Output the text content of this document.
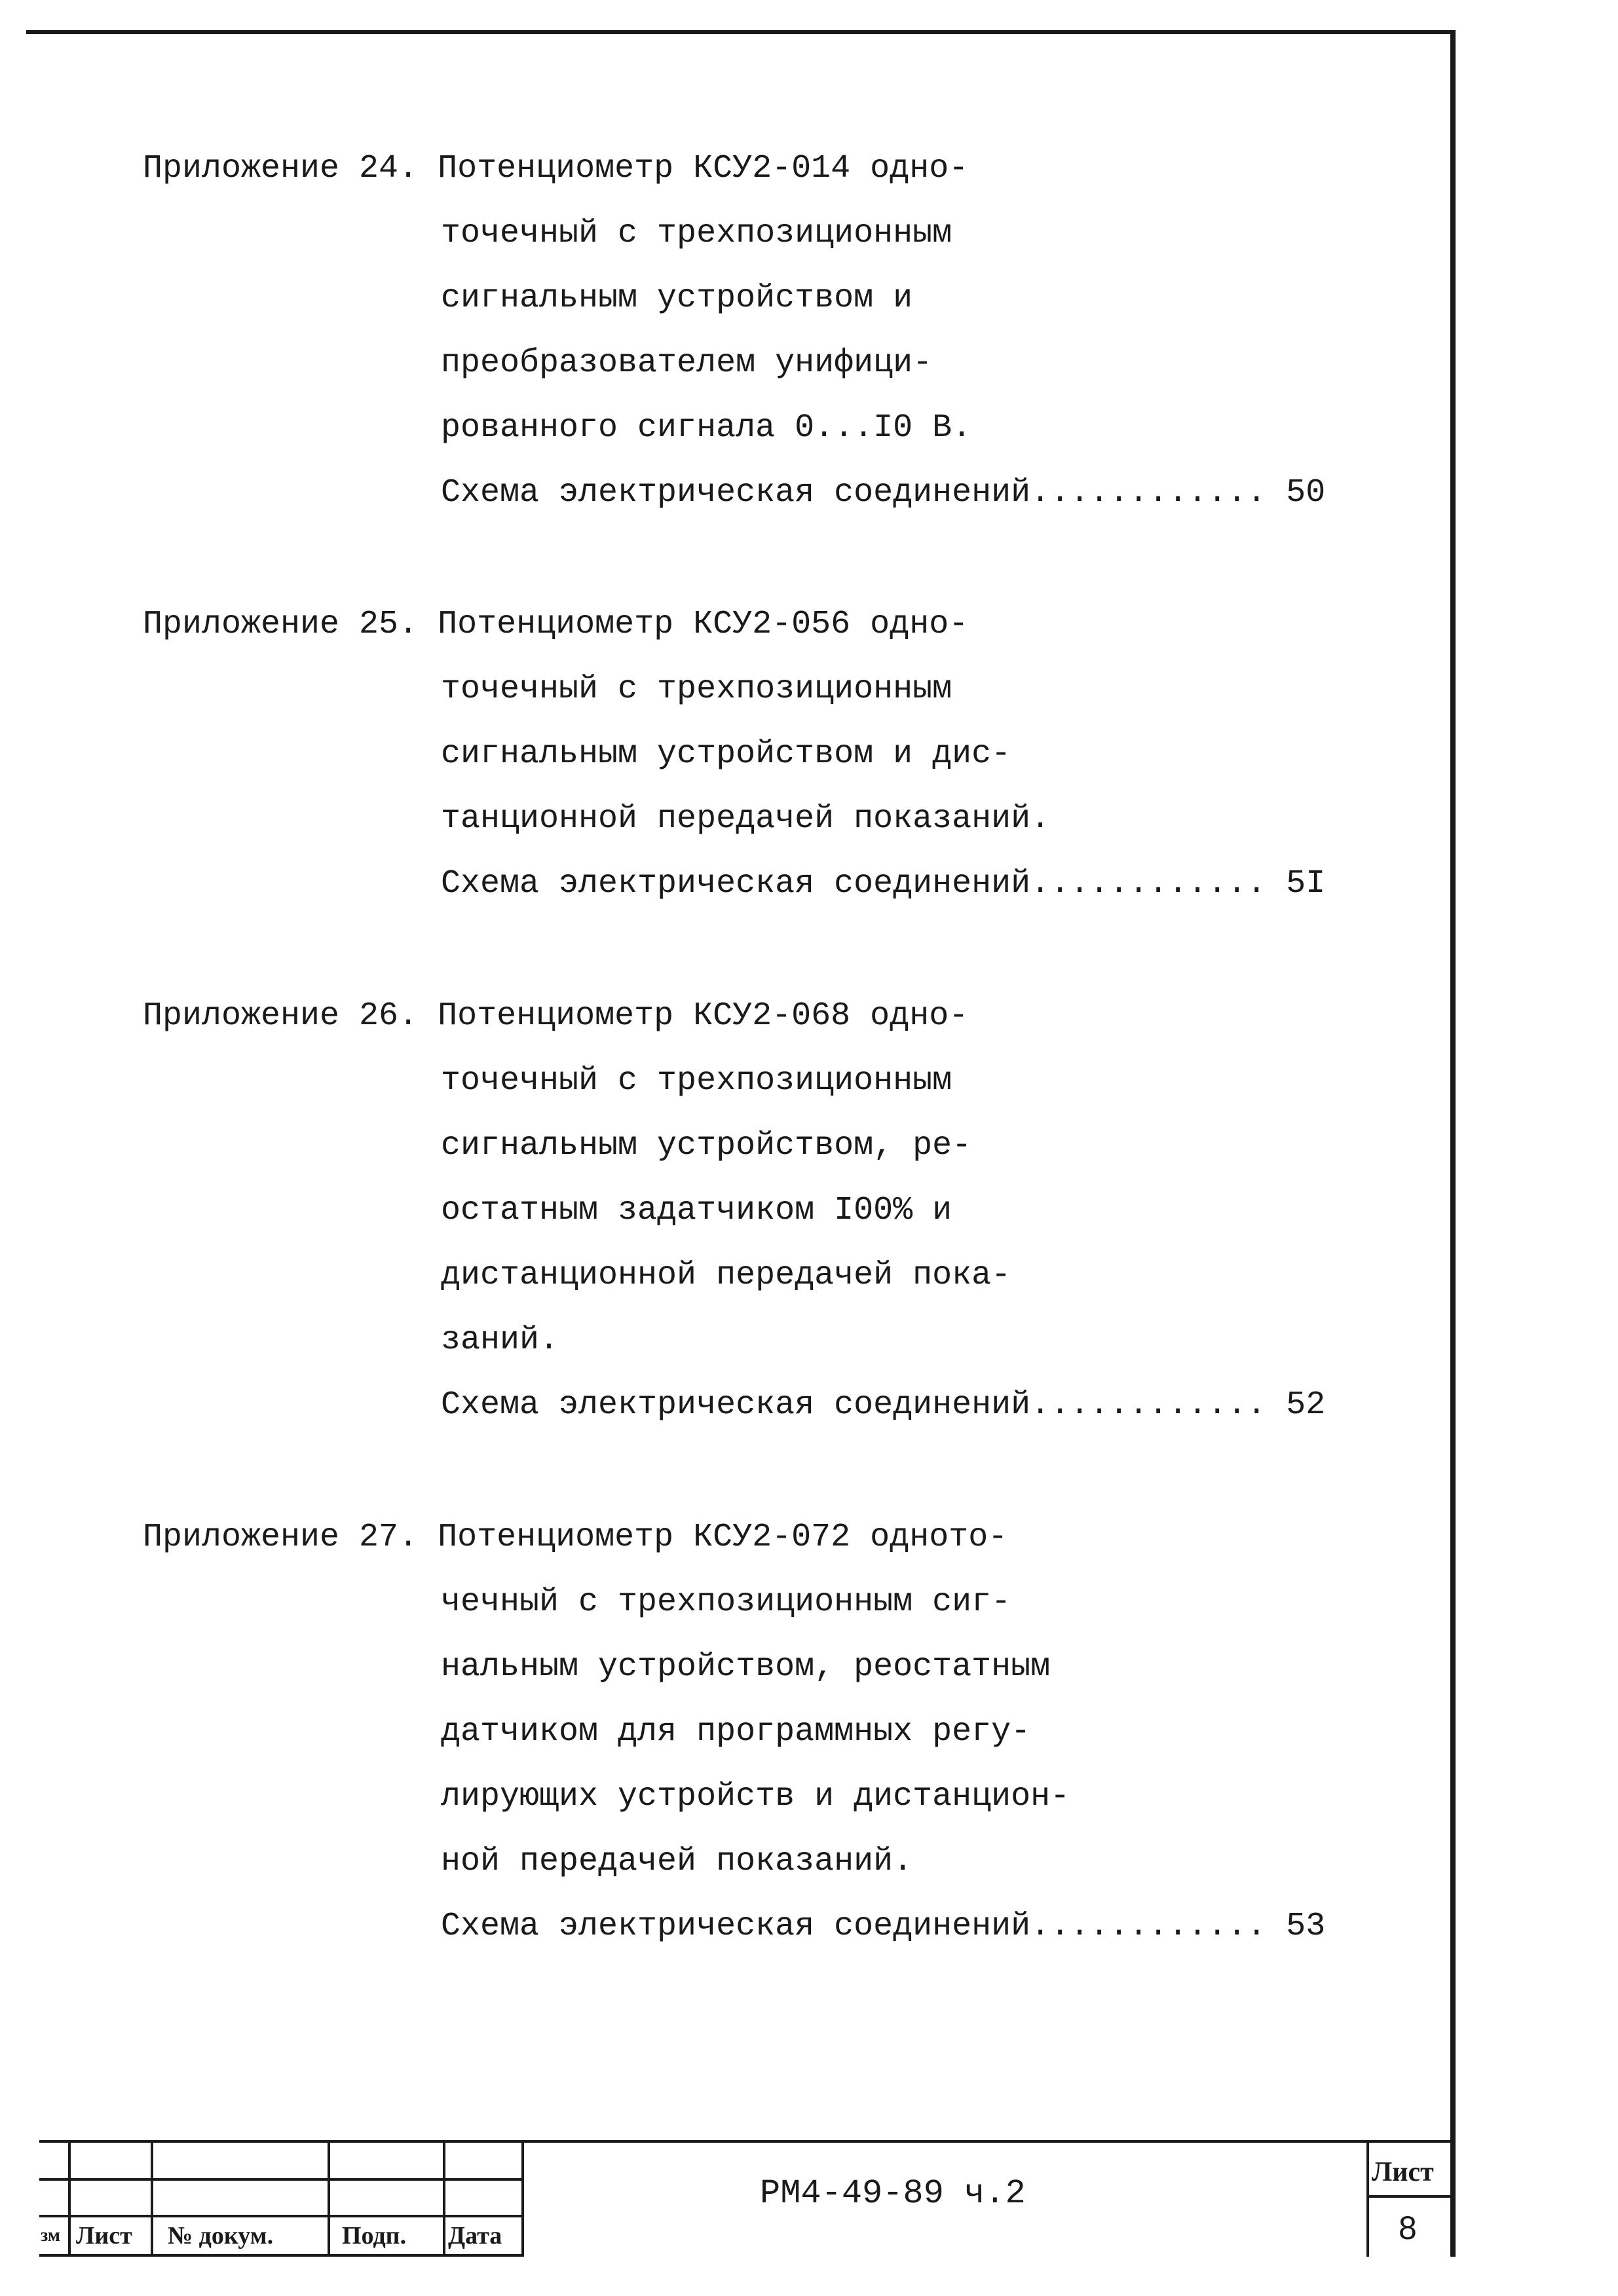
Приложение 24. Потенциометр КСУ2-014 одно-
точечный с трехпозиционным
сигнальным устройством и
преобразователем унифици-
рованного сигнала 0...I0 В.
Схема электрическая соединений............ 50
Приложение 25. Потенциометр КСУ2-056 одно-
точечный с трехпозиционным
сигнальным устройством и дис-
танционной передачей показаний.
Схема электрическая соединений............ 5I
Приложение 26. Потенциометр КСУ2-068 одно-
точечный с трехпозиционным
сигнальным устройством, ре-
остатным задатчиком I00% и
дистанционной передачей пока-
заний.
Схема электрическая соединений............ 52
Приложение 27. Потенциометр КСУ2-072 одното-
чечный с трехпозиционным сиг-
нальным устройством, реостатным
датчиком для программных регу-
лирующих устройств и дистанцион-
ной передачей показаний.
Схема электрическая соединений............ 53
зм Лист № докум.	Подп. Дата
РМ4-49-89 ч.2
Лист
8
